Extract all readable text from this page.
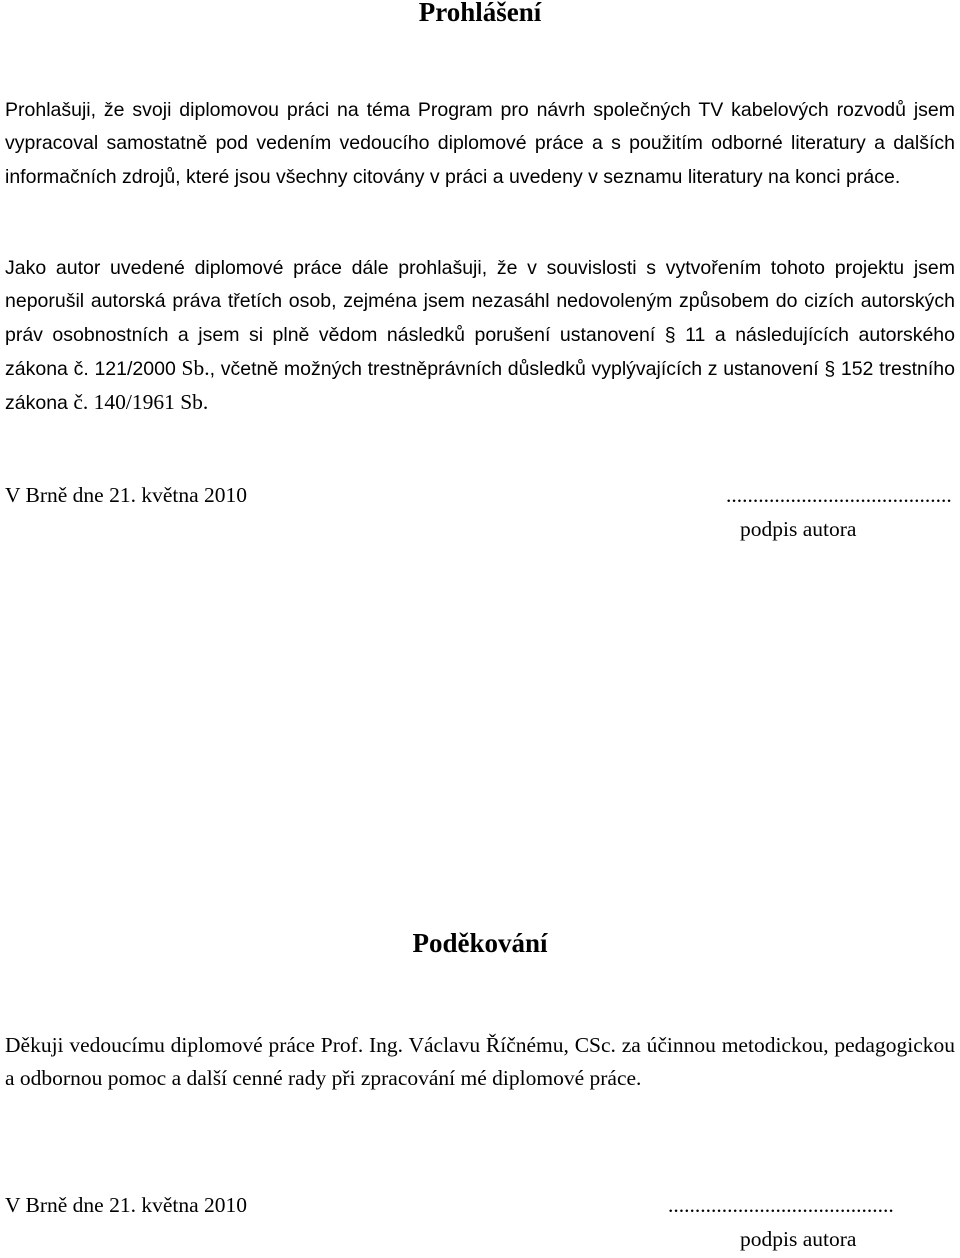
Prohlášení

Prohlašuji, že svoji diplomovou práci na téma Program pro návrh společných TV kabelových rozvodů jsem vypracoval samostatně pod vedením vedoucího diplomové práce a s použitím odborné literatury a dalších informačních zdrojů, které jsou všechny citovány v práci a uvedeny v seznamu literatury na konci práce.

Jako autor uvedené diplomové práce dále prohlašuji, že v souvislosti s vytvořením tohoto projektu jsem neporušil autorská práva třetích osob, zejména jsem nezasáhl nedovoleným způsobem do cizích autorských práv osobnostních a jsem si plně vědom následků porušení ustanovení § 11 a následujících autorského zákona č. 121/2000 Sb., včetně možných trestněprávních důsledků vyplývajících z ustanovení § 152 trestního zákona č. 140/1961 Sb.

V Brně dne 21. května 2010	..........................................
podpis autora
Poděkování

Děkuji vedoucímu diplomové práce Prof. Ing. Václavu Říčnému, CSc. za účinnou metodickou, pedagogickou a odbornou pomoc a další cenné rady při zpracování mé diplomové práce.

V Brně dne 21. května 2010	..........................................
podpis autora
